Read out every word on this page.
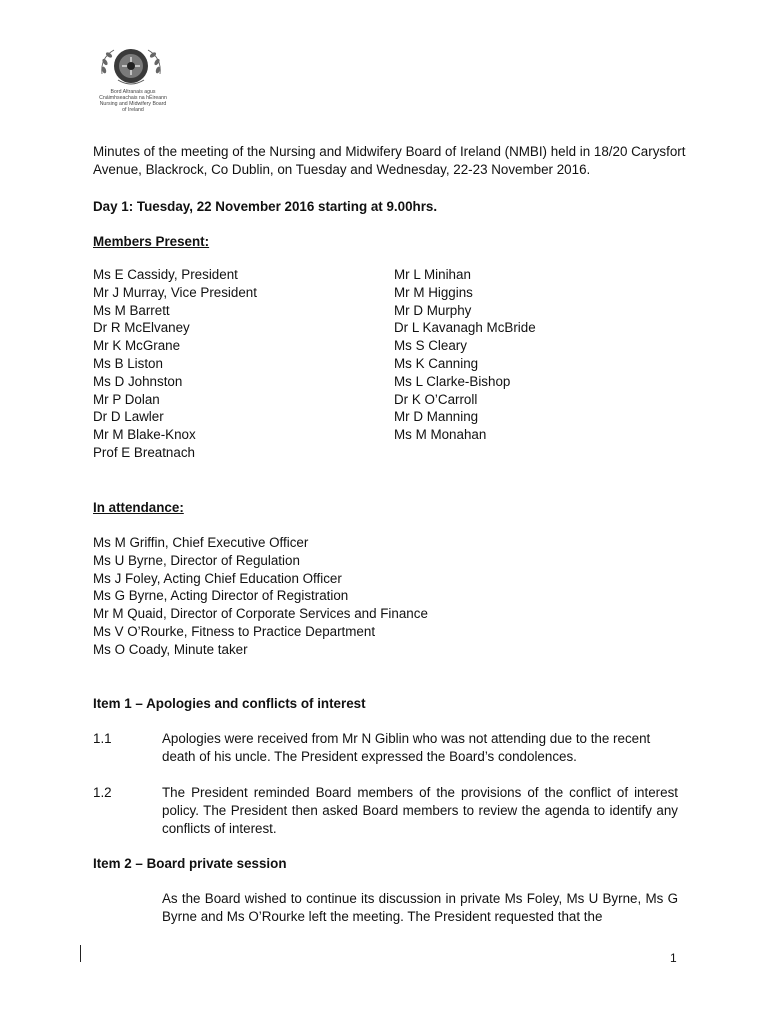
Bord Altranais agus
Cnáimhseachais na hÉireann
Nursing and Midwifery Board
of Ireland
Minutes of the meeting of the Nursing and Midwifery Board of Ireland (NMBI) held in 18/20 Carysfort Avenue, Blackrock, Co Dublin, on Tuesday and Wednesday, 22-23 November 2016.
Day 1: Tuesday, 22 November 2016 starting at 9.00hrs.
Members Present:
Ms E Cassidy, President
Mr J Murray, Vice President
Ms M Barrett
Dr R McElvaney
Mr K McGrane
Ms B Liston
Ms D Johnston
Mr P Dolan
Dr D Lawler
Mr M Blake-Knox
Prof E Breatnach
Mr L Minihan
Mr M Higgins
Mr D Murphy
Dr L Kavanagh McBride
Ms S Cleary
Ms K Canning
Ms L Clarke-Bishop
Dr K O’Carroll
Mr D Manning
Ms M Monahan
In attendance:
Ms M Griffin, Chief Executive Officer
Ms U Byrne, Director of Regulation
Ms J Foley, Acting Chief Education Officer
Ms G Byrne, Acting Director of Registration
Mr M Quaid, Director of Corporate Services and Finance
Ms V O’Rourke, Fitness to Practice Department
Ms O Coady, Minute taker
Item 1 – Apologies and conflicts of interest
1.1	Apologies were received from Mr N Giblin who was not attending due to the recent death of his uncle. The President expressed the Board’s condolences.
1.2	The President reminded Board members of the provisions of the conflict of interest policy. The President then asked Board members to review the agenda to identify any conflicts of interest.
Item 2 – Board private session
As the Board wished to continue its discussion in private Ms Foley, Ms U Byrne, Ms G Byrne and Ms O’Rourke left the meeting. The President requested that the
1
